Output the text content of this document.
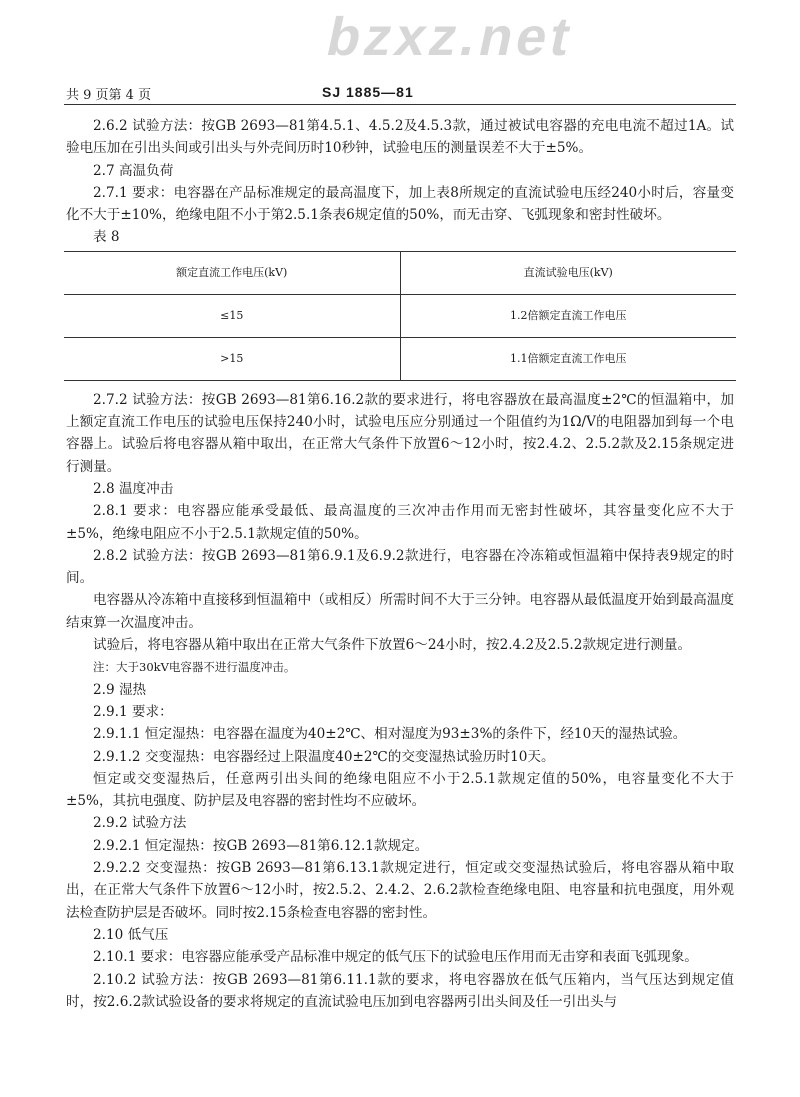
bzxz.net
共 9 页第 4 页	SJ 1885—81

2.6.2 试验方法：按GB 2693—81第4.5.1、4.5.2及4.5.3款，通过被试电容器的充电电流不超过1A。试验电压加在引出头间或引出头与外壳间历时10秒钟，试验电压的测量误差不大于±5%。

2.7 高温负荷

2.7.1 要求：电容器在产品标准规定的最高温度下，加上表8所规定的直流试验电压经240小时后，容量变化不大于±10%，绝缘电阻不小于第2.5.1条表6规定值的50%，而无击穿、飞弧现象和密封性破坏。

表 8

额定直流工作电压(kV)	直流试验电压(kV)
≤15	1.2倍额定直流工作电压
>15	1.1倍额定直流工作电压

2.7.2 试验方法：按GB 2693—81第6.16.2款的要求进行，将电容器放在最高温度±2℃的恒温箱中，加上额定直流工作电压的试验电压保持240小时，试验电压应分别通过一个阻值约为1Ω/V的电阻器加到每一个电容器上。试验后将电容器从箱中取出，在正常大气条件下放置6～12小时，按2.4.2、2.5.2款及2.15条规定进行测量。

2.8 温度冲击

2.8.1 要求：电容器应能承受最低、最高温度的三次冲击作用而无密封性破坏，其容量变化应不大于±5%，绝缘电阻应不小于2.5.1款规定值的50%。

2.8.2 试验方法：按GB 2693—81第6.9.1及6.9.2款进行，电容器在冷冻箱或恒温箱中保持表9规定的时间。

电容器从冷冻箱中直接移到恒温箱中（或相反）所需时间不大于三分钟。电容器从最低温度开始到最高温度结束算一次温度冲击。

试验后，将电容器从箱中取出在正常大气条件下放置6～24小时，按2.4.2及2.5.2款规定进行测量。

注：大于30kV电容器不进行温度冲击。

2.9 湿热

2.9.1 要求：

2.9.1.1 恒定湿热：电容器在温度为40±2℃、相对湿度为93±3%的条件下，经10天的湿热试验。

2.9.1.2 交变湿热：电容器经过上限温度40±2℃的交变湿热试验历时10天。

恒定或交变湿热后，任意两引出头间的绝缘电阻应不小于2.5.1款规定值的50%，电容量变化不大于±5%，其抗电强度、防护层及电容器的密封性均不应破坏。

2.9.2 试验方法

2.9.2.1 恒定湿热：按GB 2693—81第6.12.1款规定。

2.9.2.2 交变湿热：按GB 2693—81第6.13.1款规定进行，恒定或交变湿热试验后，将电容器从箱中取出，在正常大气条件下放置6～12小时，按2.5.2、2.4.2、2.6.2款检查绝缘电阻、电容量和抗电强度，用外观法检查防护层是否破坏。同时按2.15条检查电容器的密封性。

2.10 低气压

2.10.1 要求：电容器应能承受产品标准中规定的低气压下的试验电压作用而无击穿和表面飞弧现象。

2.10.2 试验方法：按GB 2693—81第6.11.1款的要求，将电容器放在低气压箱内，当气压达到规定值时，按2.6.2款试验设备的要求将规定的直流试验电压加到电容器两引出头间及任一引出头与
